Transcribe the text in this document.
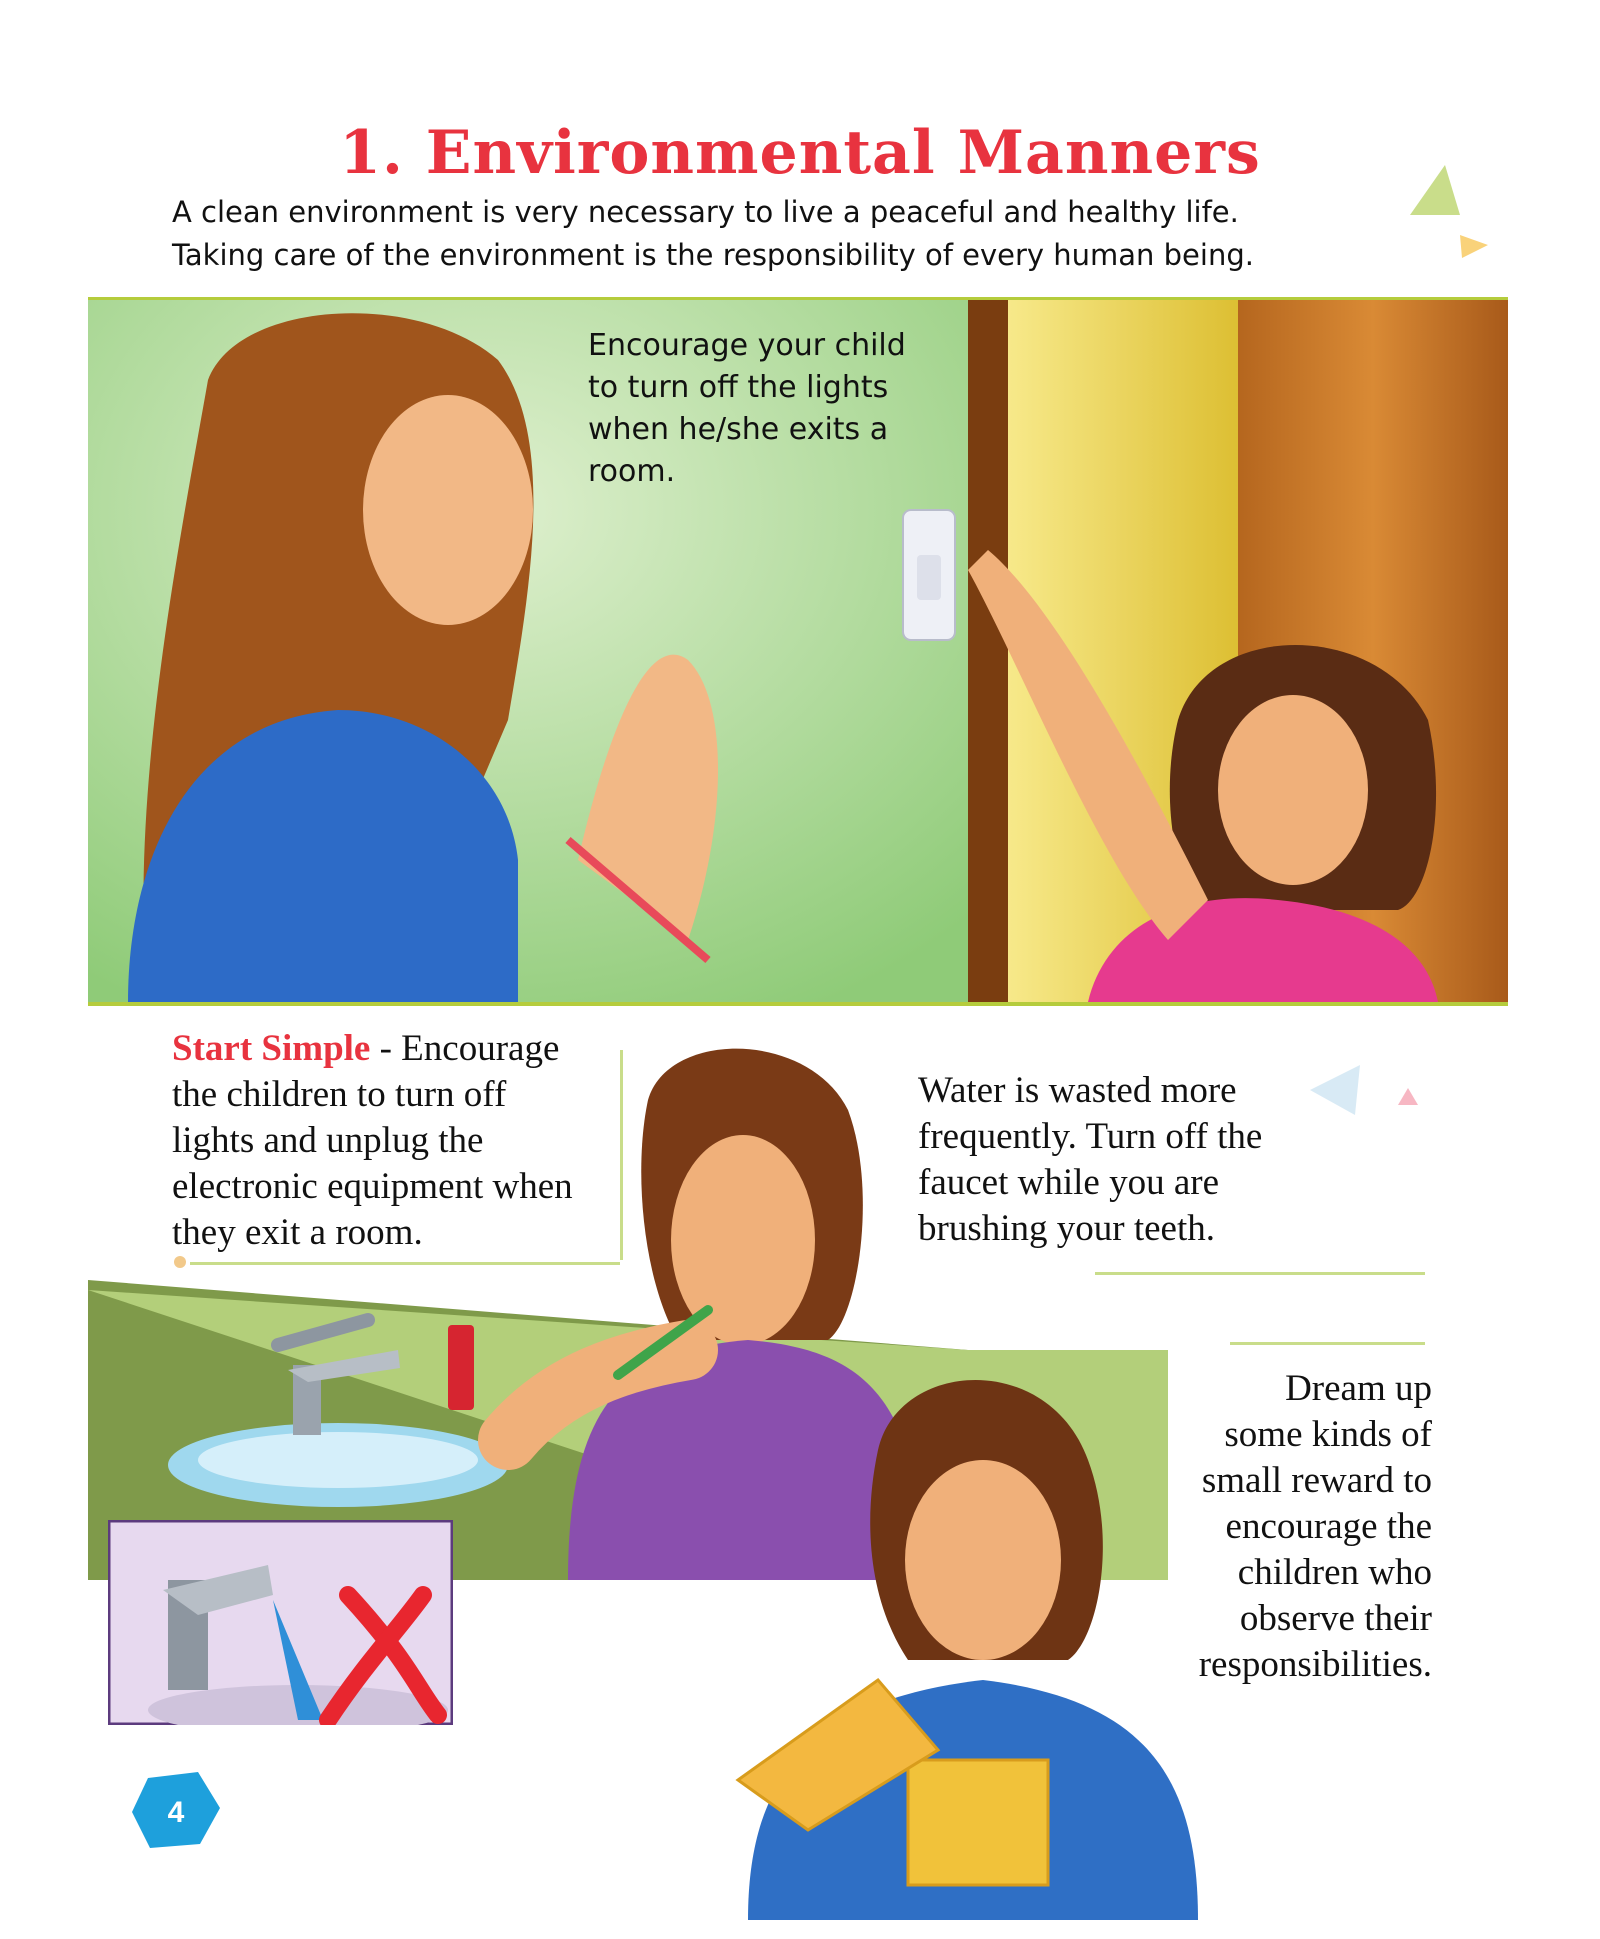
1. Environmental Manners
A clean environment is very necessary to live a peaceful and healthy life.
Taking care of the environment is the responsibility of every human being.
Encourage your child
to turn off the lights
when he/she exits a
room.
Start Simple - Encourage
the children to turn off
lights and unplug the
electronic equipment when
they exit a room.
Water is wasted more
frequently. Turn off the
faucet while you are
brushing your teeth.
Dream up
some kinds of
small reward to
encourage the
children who
observe their
responsibilities.
4
